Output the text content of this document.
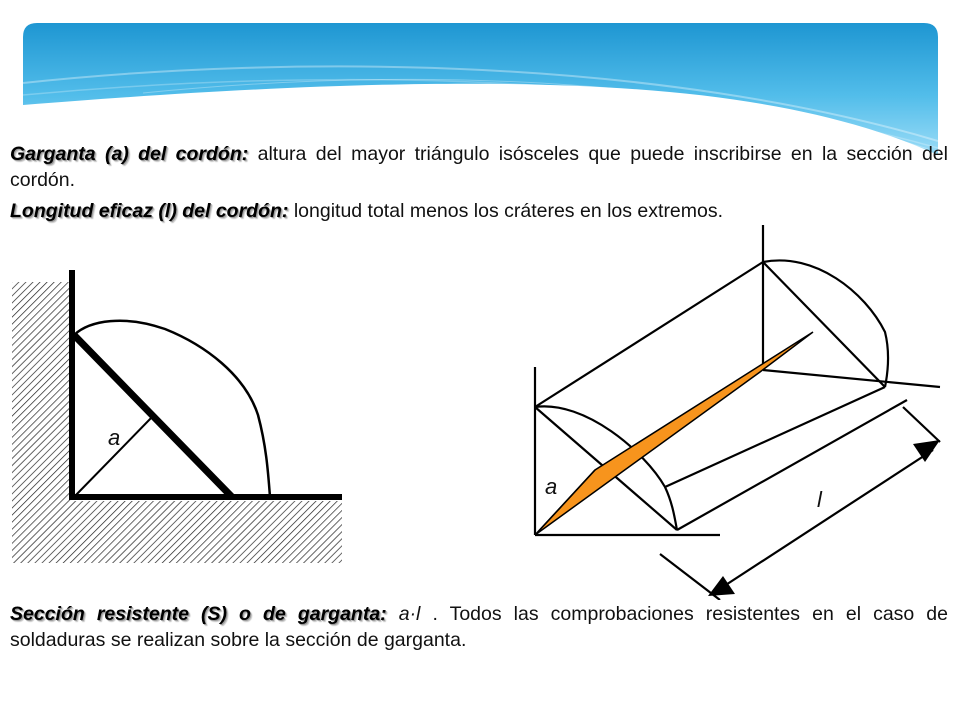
Garganta (a) del cordón: altura del mayor triángulo isósceles que puede inscribirse en la sección del cordón.

Longitud eficaz (l) del cordón: longitud total menos los cráteres en los extremos.

a
a
l

Sección resistente (S) o de garganta: a·l . Todos las comprobaciones resistentes en el caso de soldaduras se realizan sobre la sección de garganta.
